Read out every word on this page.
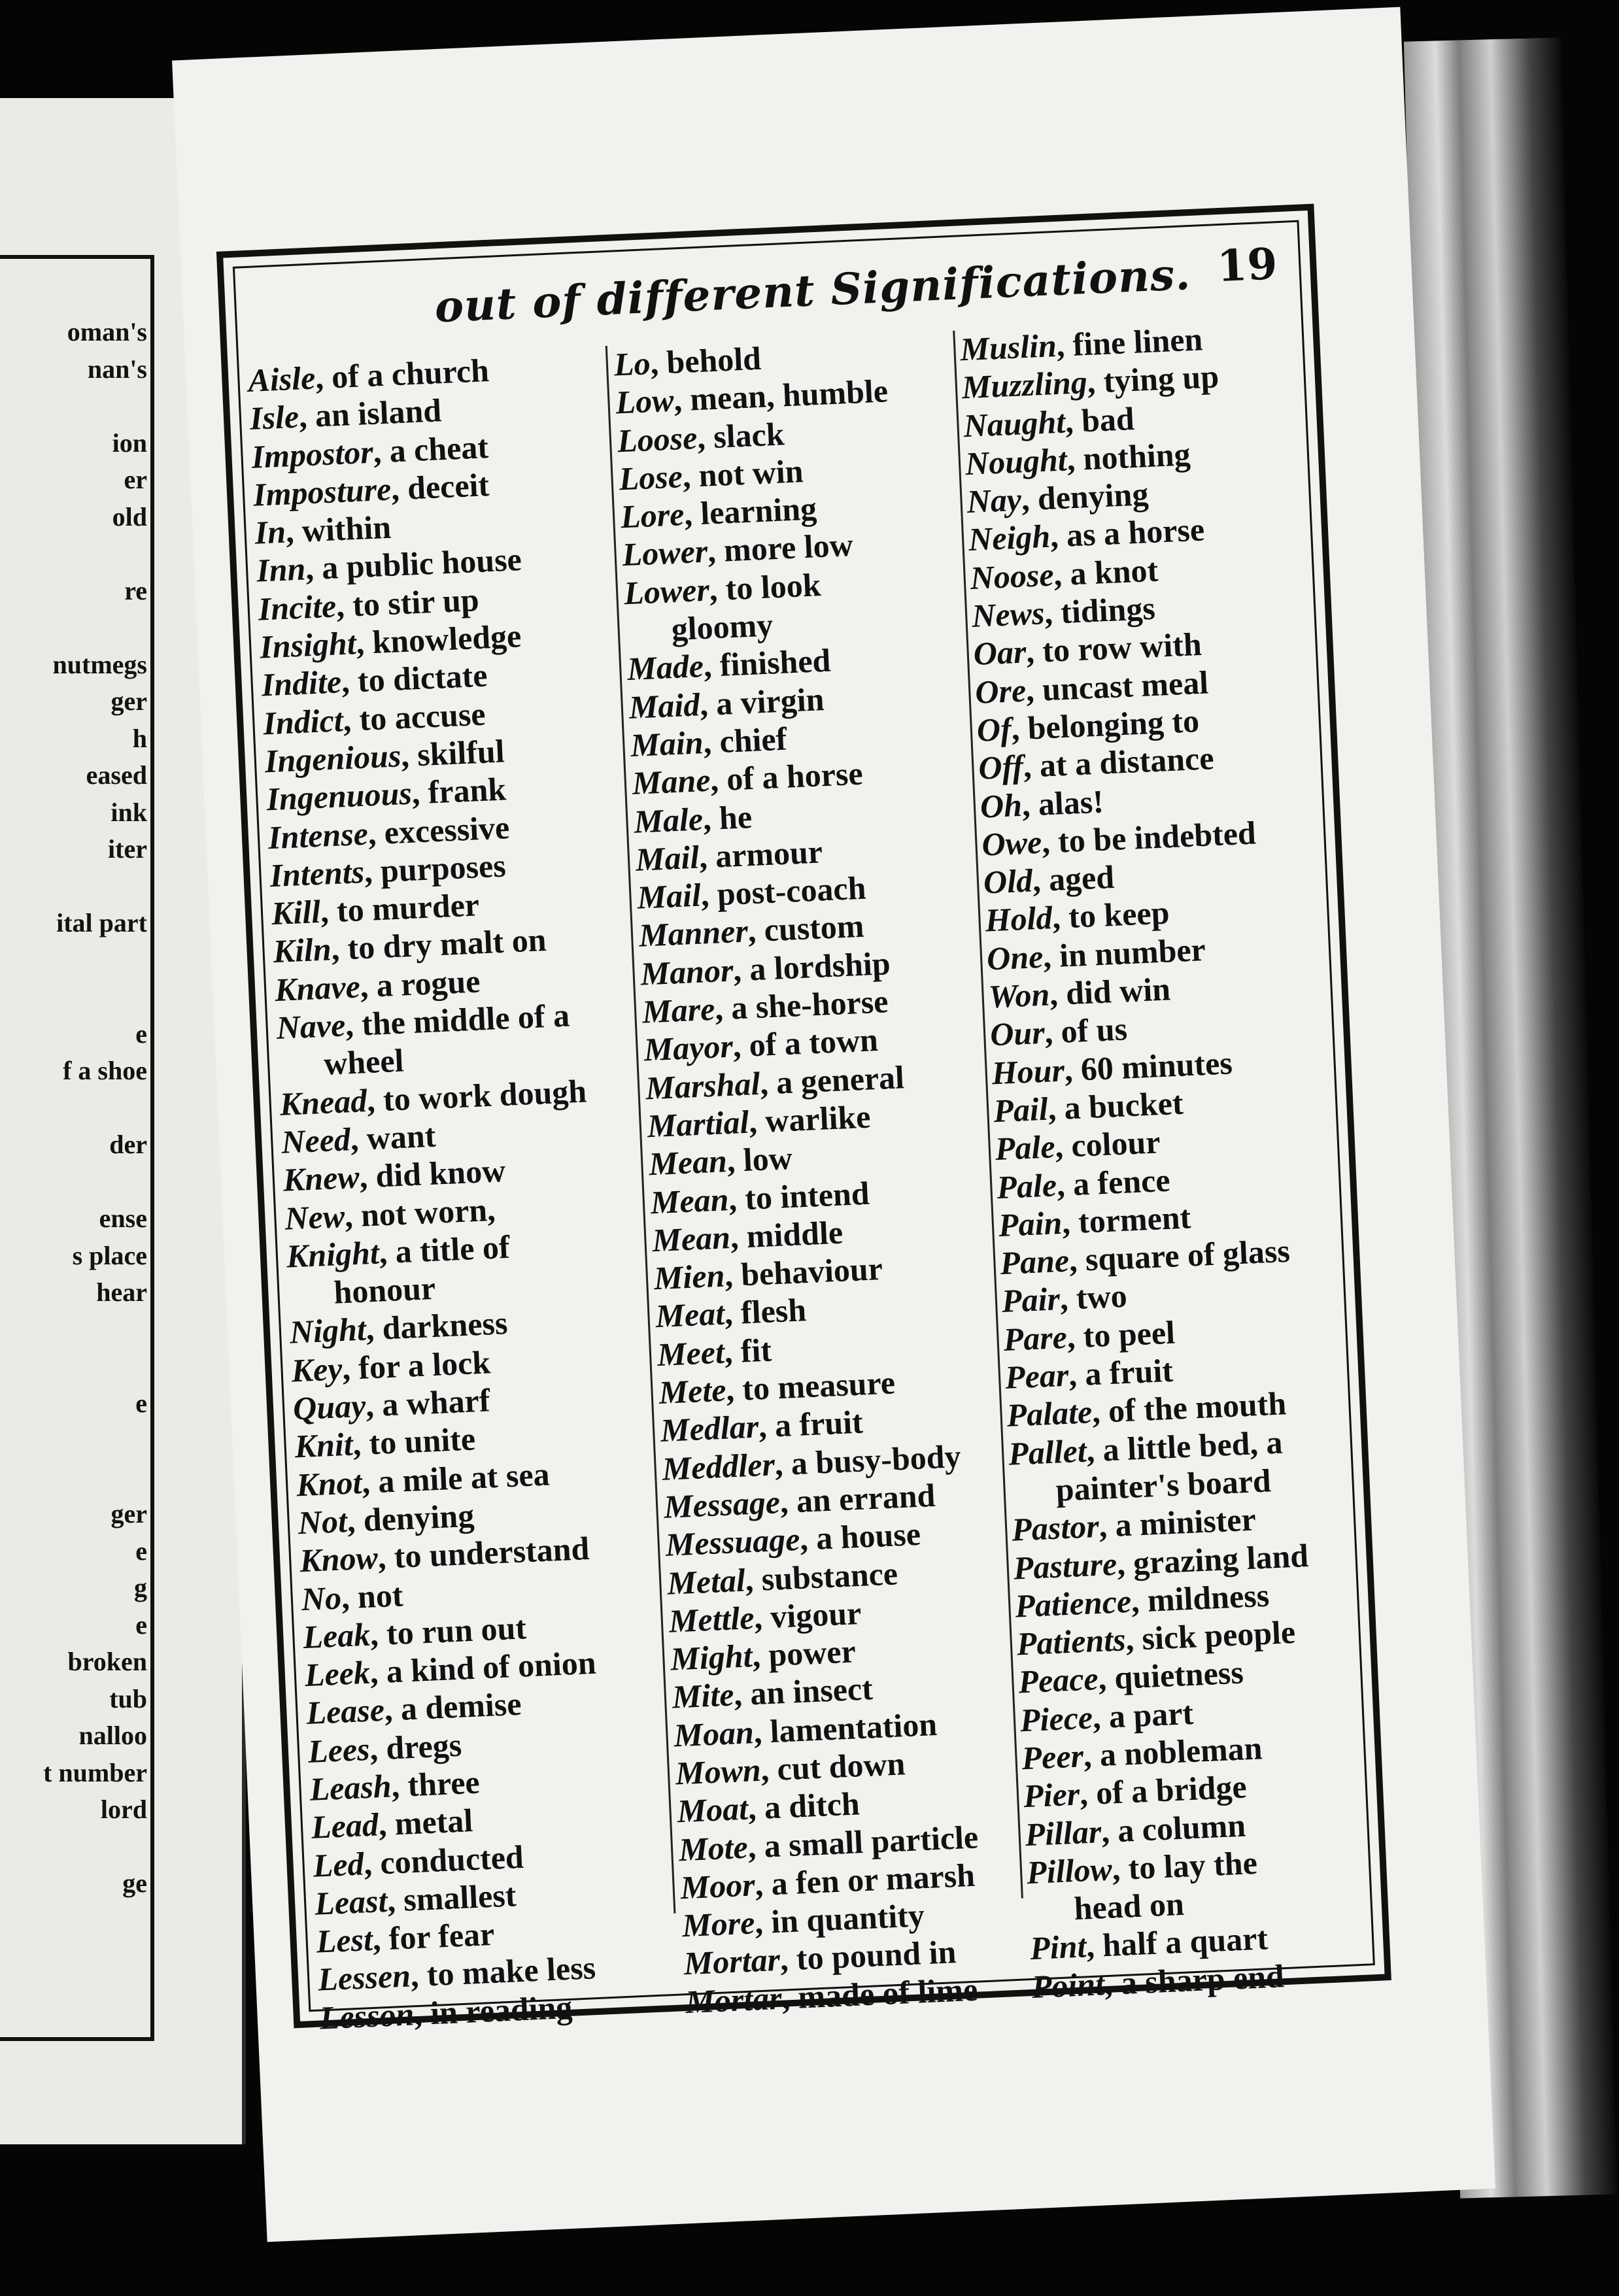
oman's
nan's
ion
er
old
re
nutmegs
ger
h
eased
ink
iter
ital part
e
f a shoe
der
ense
s place
hear
e
ger
e
g
e
broken
tub
nalloo
t number
lord
ge
out of different Significations. 19
Aisle, of a church
Isle, an island
Impostor, a cheat
Imposture, deceit
In, within
Inn, a public house
Incite, to stir up
Insight, knowledge
Indite, to dictate
Indict, to accuse
Ingenious, skilful
Ingenuous, frank
Intense, excessive
Intents, purposes
Kill, to murder
Kiln, to dry malt on
Knave, a rogue
Nave, the middle of a
wheel
Knead, to work dough
Need, want
Knew, did know
New, not worn,
Knight, a title of
honour
Night, darkness
Key, for a lock
Quay, a wharf
Knit, to unite
Knot, a mile at sea
Not, denying
Know, to understand
No, not
Leak, to run out
Leek, a kind of onion
Lease, a demise
Lees, dregs
Leash, three
Lead, metal
Led, conducted
Least, smallest
Lest, for fear
Lessen, to make less
Lesson, in reading
Lo, behold
Low, mean, humble
Loose, slack
Lose, not win
Lore, learning
Lower, more low
Lower, to look
gloomy
Made, finished
Maid, a virgin
Main, chief
Mane, of a horse
Male, he
Mail, armour
Mail, post-coach
Manner, custom
Manor, a lordship
Mare, a she-horse
Mayor, of a town
Marshal, a general
Martial, warlike
Mean, low
Mean, to intend
Mean, middle
Mien, behaviour
Meat, flesh
Meet, fit
Mete, to measure
Medlar, a fruit
Meddler, a busy-body
Message, an errand
Messuage, a house
Metal, substance
Mettle, vigour
Might, power
Mite, an insect
Moan, lamentation
Mown, cut down
Moat, a ditch
Mote, a small particle
Moor, a fen or marsh
More, in quantity
Mortar, to pound in
Mortar, made of lime
Muslin, fine linen
Muzzling, tying up
Naught, bad
Nought, nothing
Nay, denying
Neigh, as a horse
Noose, a knot
News, tidings
Oar, to row with
Ore, uncast meal
Of, belonging to
Off, at a distance
Oh, alas!
Owe, to be indebted
Old, aged
Hold, to keep
One, in number
Won, did win
Our, of us
Hour, 60 minutes
Pail, a bucket
Pale, colour
Pale, a fence
Pain, torment
Pane, square of glass
Pair, two
Pare, to peel
Pear, a fruit
Palate, of the mouth
Pallet, a little bed, a
painter's board
Pastor, a minister
Pasture, grazing land
Patience, mildness
Patients, sick people
Peace, quietness
Piece, a part
Peer, a nobleman
Pier, of a bridge
Pillar, a column
Pillow, to lay the
head on
Pint, half a quart
Point, a sharp end
